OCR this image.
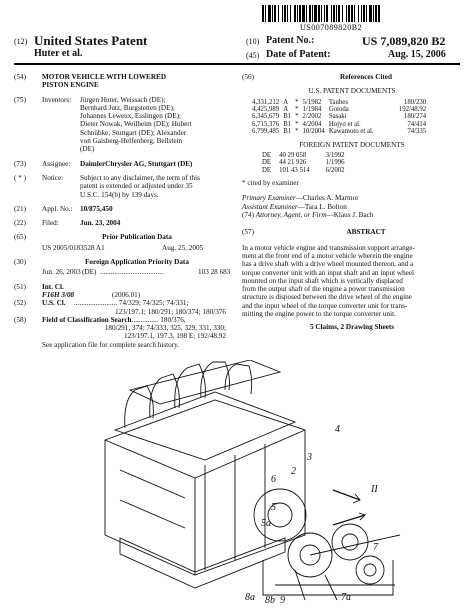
US007089820B2
(12) United States Patent
Huter et al.
(10) Patent No.:	US 7,089,820 B2
(45) Date of Patent:	Aug. 15, 2006
(54)	MOTOR VEHICLE WITH LOWERED
PISTON ENGINE
(75)	Inventors:	Jürgen Huter, Weissach (DE);
Bernhard Jutz, Burgstetten (DE);
Johannes Leweux, Esslingen (DE);
Dieter Nowak, Weilheim (DE); Hubert
Schnübke, Stuttgart (DE); Alexander
von Gaisberg-Helfenberg, Beilstein
(DE)
(73)	Assignee:	DaimlerChrysler AG, Stuttgart (DE)
( * )	Notice:	Subject to any disclaimer, the term of this
patent is extended or adjusted under 35
U.S.C. 154(b) by 139 days.
(21)	Appl. No.:	10/875,450
(22)	Filed:	Jun. 23, 2004
(65)	Prior Publication Data
US 2005/0183528 A1	Aug. 25, 2005
(30)	Foreign Application Priority Data
Jun. 26, 2003 (DE) ...................................	103 28 683
(51)	Int. Cl.
F16H 3/08	(2006.01)
(52)	U.S. Cl.	........................ 74/329; 74/325; 74/331;
123/197.1; 180/291; 180/374; 180/376
(58)	Field of Classification Search ............... 180/376,
180/291, 374; 74/333, 325, 329, 331, 330;
123/197.1, 197.3, 198 E; 192/48.92
See application file for complete search history.
(56)	References Cited
U.S. PATENT DOCUMENTS
4,331,212	A	*	5/1982	Taubes	180/230
4,425,989	A	*	1/1984	Gotoda	192/48.92
6,345,679	B1	*	2/2002	Sasaki	180/274
6,715,376	B1	*	4/2004	Hojyo et al.	74/414
6,799,485	B1	*	10/2004	Kawamoto et al.	74/335
FOREIGN PATENT DOCUMENTS
DE	40 29 058	3/1992
DE	44 21 926	1/1996
DE	101 43 514	6/2002
* cited by examiner
Primary Examiner—Charles A. Marmor
Assistant Examiner—Tara L. Bolton
(74) Attorney, Agent, or Firm—Klaus J. Bach
(57)	ABSTRACT
In a motor vehicle engine and transmission support arrange-
ment at the front end of a motor vehicle wherein the engine
has a drive shaft with a drive wheel mounted thereon, and a
torque converter unit with an input shaft and an input wheel
mounted on the input shaft which is vertically displaced
from the output shaft of the engine a power transmission
structure is disposed between the drive wheel of the engine
and the input wheel of the torque converter unit for trans-
mitting the engine power to the torque converter unit.
5 Claims, 2 Drawing Sheets
4
3
2
6
II
5
5a
7
7a
8a	9
8b
